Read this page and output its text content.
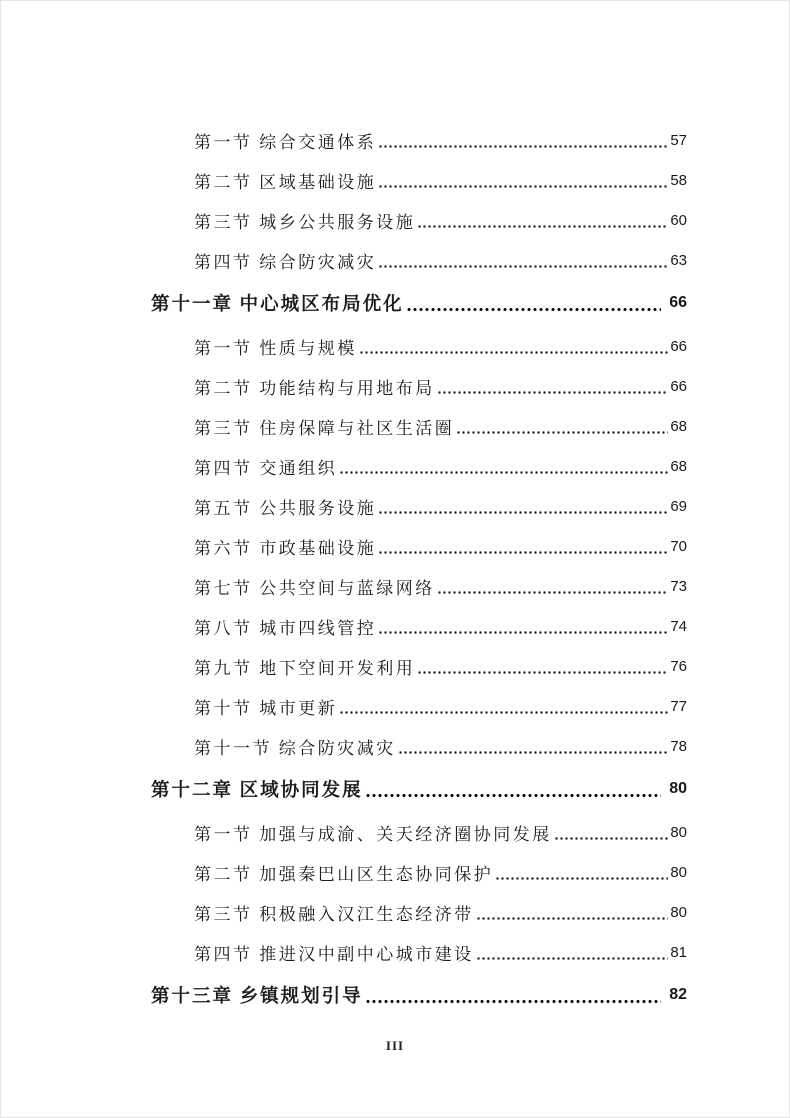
第一节 综合交通体系	57
第二节 区域基础设施	58
第三节 城乡公共服务设施	60
第四节 综合防灾减灾	63
第十一章 中心城区布局优化	66
第一节 性质与规模	66
第二节 功能结构与用地布局	66
第三节 住房保障与社区生活圈	68
第四节 交通组织	68
第五节 公共服务设施	69
第六节 市政基础设施	70
第七节 公共空间与蓝绿网络	73
第八节 城市四线管控	74
第九节 地下空间开发利用	76
第十节 城市更新	77
第十一节 综合防灾减灾	78
第十二章 区域协同发展	80
第一节 加强与成渝、关天经济圈协同发展	80
第二节 加强秦巴山区生态协同保护	80
第三节 积极融入汉江生态经济带	80
第四节 推进汉中副中心城市建设	81
第十三章 乡镇规划引导	82
III
